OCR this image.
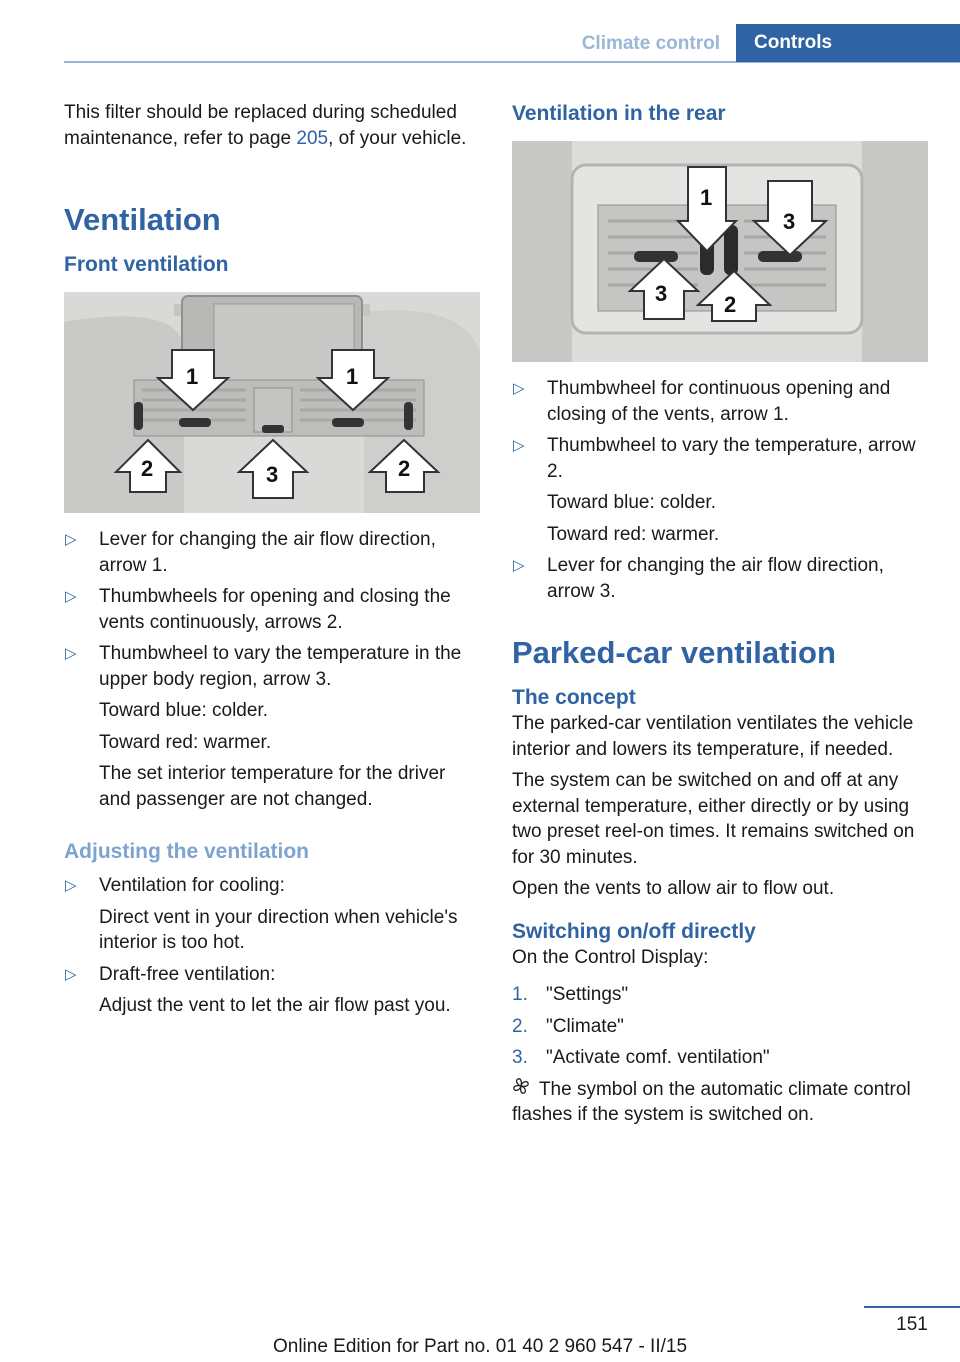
Climate control	Controls

This filter should be replaced during scheduled maintenance, refer to page 205, of your vehicle.

Ventilation
Front ventilation
1	1
2	3	2
▷ Lever for changing the air flow direction, arrow 1.
▷ Thumbwheels for opening and closing the vents continuously, arrows 2.
▷ Thumbwheel to vary the temperature in the upper body region, arrow 3.
Toward blue: colder.
Toward red: warmer.
The set interior temperature for the driver and passenger are not changed.
Adjusting the ventilation
▷ Ventilation for cooling:
Direct vent in your direction when vehicle's interior is too hot.
▷ Draft-free ventilation:
Adjust the vent to let the air flow past you.
Ventilation in the rear
1
3
3	2
▷ Thumbwheel for continuous opening and closing of the vents, arrow 1.
▷ Thumbwheel to vary the temperature, arrow 2.
Toward blue: colder.
Toward red: warmer.
▷ Lever for changing the air flow direction, arrow 3.
Parked-car ventilation
The concept

The parked-car ventilation ventilates the vehicle interior and lowers its temperature, if needed.

The system can be switched on and off at any external temperature, either directly or by using two preset reel-on times. It remains switched on for 30 minutes.

Open the vents to allow air to flow out.

Switching on/off directly

On the Control Display:

1. "Settings"
2. "Climate"
3. "Activate comf. ventilation"

The symbol on the automatic climate control flashes if the system is switched on.

151
Online Edition for Part no. 01 40 2 960 547 - II/15
